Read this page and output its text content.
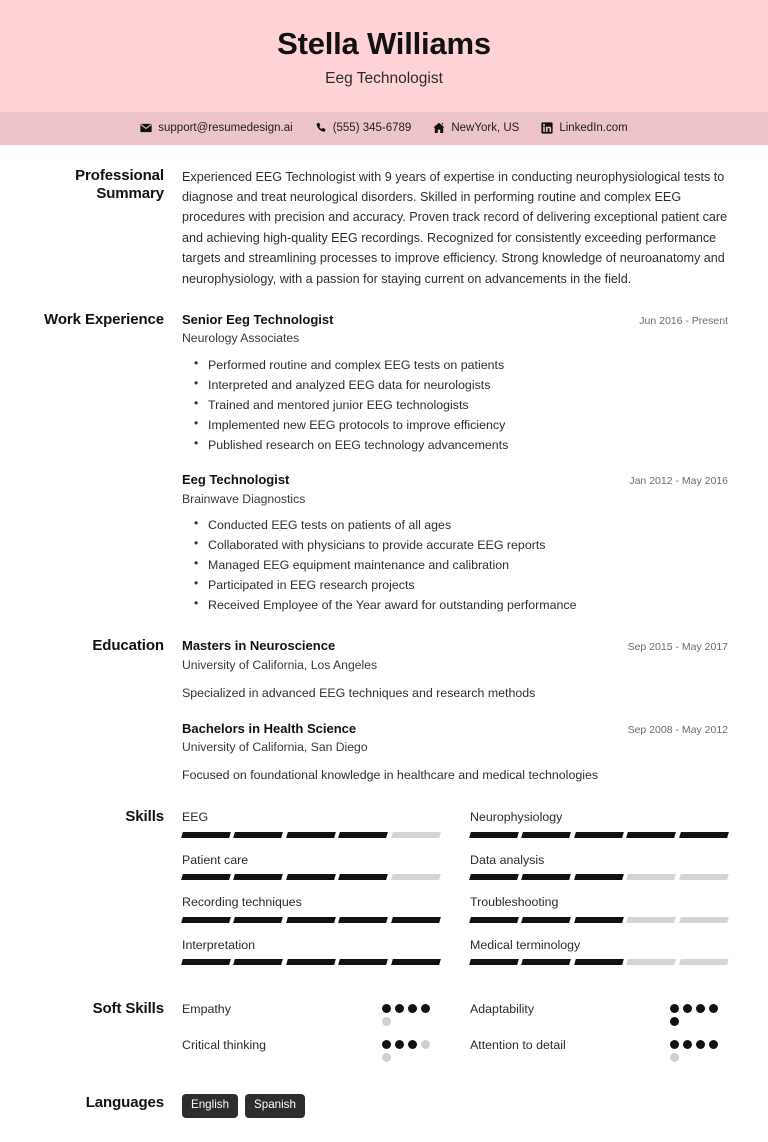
Stella Williams
Eeg Technologist
support@resumedesign.ai	(555) 345-6789	NewYork, US	LinkedIn.com
Professional Summary
Experienced EEG Technologist with 9 years of expertise in conducting neurophysiological tests to diagnose and treat neurological disorders. Skilled in performing routine and complex EEG procedures with precision and accuracy. Proven track record of delivering exceptional patient care and achieving high-quality EEG recordings. Recognized for consistently exceeding performance targets and streamlining processes to improve efficiency. Strong knowledge of neuroanatomy and neurophysiology, with a passion for staying current on advancements in the field.
Work Experience	Senior Eeg Technologist	Jun 2016 - Present
Neurology Associates
• Performed routine and complex EEG tests on patients
• Interpreted and analyzed EEG data for neurologists
• Trained and mentored junior EEG technologists
• Implemented new EEG protocols to improve efficiency
• Published research on EEG technology advancements
Eeg Technologist	Jan 2012 - May 2016
Brainwave Diagnostics
• Conducted EEG tests on patients of all ages
• Collaborated with physicians to provide accurate EEG reports
• Managed EEG equipment maintenance and calibration
• Participated in EEG research projects
• Received Employee of the Year award for outstanding performance
Education	Masters in Neuroscience	Sep 2015 - May 2017
University of California, Los Angeles
Specialized in advanced EEG techniques and research methods
Bachelors in Health Science	Sep 2008 - May 2012
University of California, San Diego
Focused on foundational knowledge in healthcare and medical technologies
Skills	EEG	Neurophysiology
Patient care	Data analysis
Recording techniques	Troubleshooting
Interpretation	Medical terminology
Soft Skills	Empathy	Adaptability
Critical thinking	Attention to detail
Languages	English	Spanish
